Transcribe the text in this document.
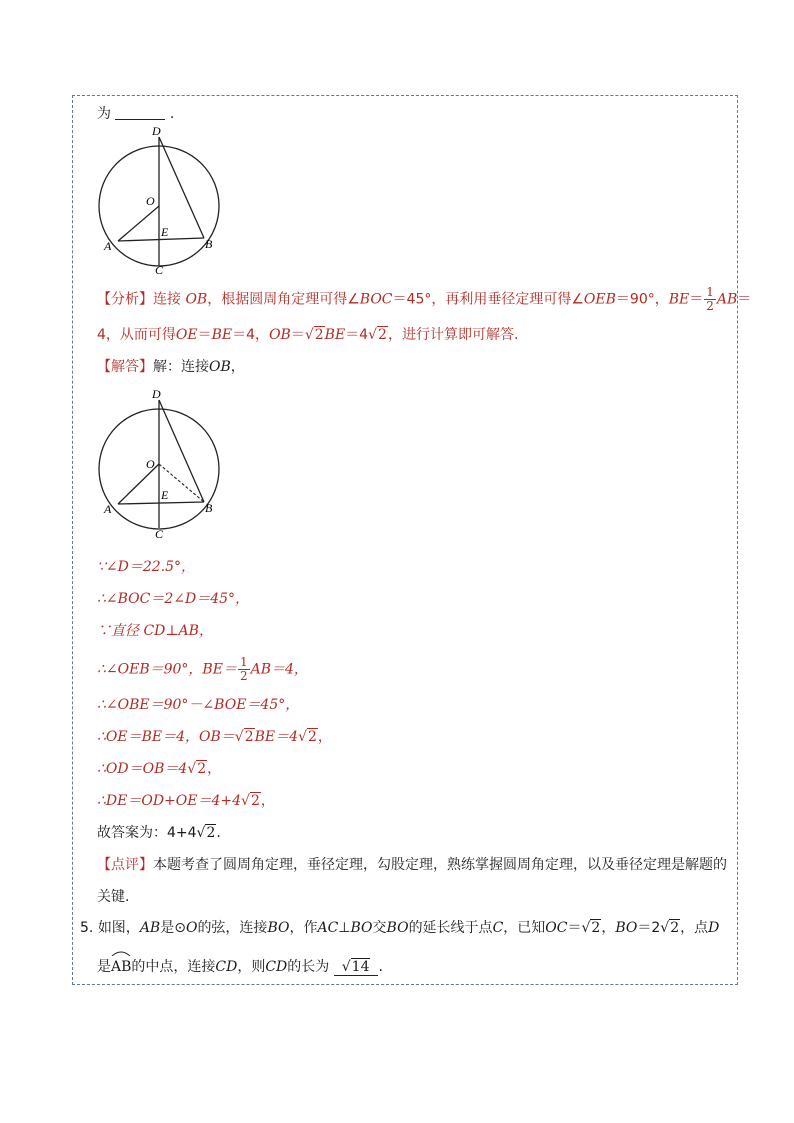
为	.
D
O
E
A	B
C
【分析】连接 OB，根据圆周角定理可得∠BOC＝45°，再利用垂径定理可得∠OEB＝90°，$BE= \frac{1}{2} AB=$
4，从而可得OE＝BE＝4，OB＝√2BE＝4√2，进行计算即可解答.
【解答】解：连接OB，
D
O
E
A	B
C
∵∠D＝22.5°，
∴∠BOC＝2∠D＝45°，
∵直径 CD⊥AB，
∴∠OEB＝90°，$BE= \frac{1}{2} AB=4$，
∴∠OBE＝90°－∠BOE＝45°，
∴OE＝BE＝4，OB＝√2BE＝4√2，
∴OD＝OB＝4√2，
∴DE＝OD+OE＝4+4√2，
故答案为：4+4√2.
【点评】本题考查了圆周角定理，垂径定理，勾股定理，熟练掌握圆周角定理，以及垂径定理是解题的
关键.
5. 如图，AB是⊙O的弦，连接BO，作AC⊥BO交BO的延长线于点C，已知OC＝√2，BO＝2√2，点D
是
AB的中点，连接CD，则CD的长为 √14 .
